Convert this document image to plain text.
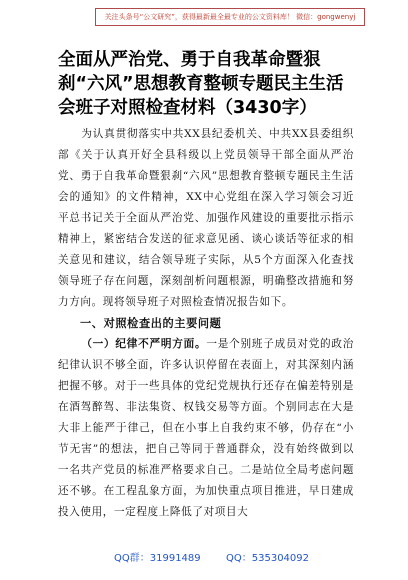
关注头条号“公文研究”，获得最新最全最专业的公文资料库！ 微信：gongwenyj
全面从严治党、勇于自我革命暨狠刹“六风”思想教育整顿专题民主生活会班子对照检查材料（3430字）

为认真贯彻落实中共XX县纪委机关、中共XX县委组织部《关于认真开好全县科级以上党员领导干部全面从严治党、勇于自我革命暨狠刹“六风”思想教育整顿专题民主生活会的通知》的文件精神，XX中心党组在深入学习领会习近平总书记关于全面从严治党、加强作风建设的重要批示指示精神上，紧密结合发送的征求意见函、谈心谈话等征求的相关意见和建议，结合领导班子实际，从5个方面深入化查找领导班子存在问题，深刻剖析问题根源，明确整改措施和努力方向。现将领导班子对照检查情况报告如下。

一、对照检查出的主要问题

（一）纪律不严明方面。一是个别班子成员对党的政治纪律认识不够全面，许多认识停留在表面上，对其深刻内涵把握不够。对于一些具体的党纪党规执行还存在偏差特别是在酒驾醉驾、非法集资、权钱交易等方面。个别同志在大是大非上能严于律己，但在小事上自我约束不够，仍存在“小节无害”的想法，把自己等同于普通群众，没有始终做到以一名共产党员的标准严格要求自己。二是站位全局考虑问题还不够。在工程乱象方面，为加快重点项目推进，早日建成投入使用，一定程度上降低了对项目大

QQ群：31991489	QQ：535304092
